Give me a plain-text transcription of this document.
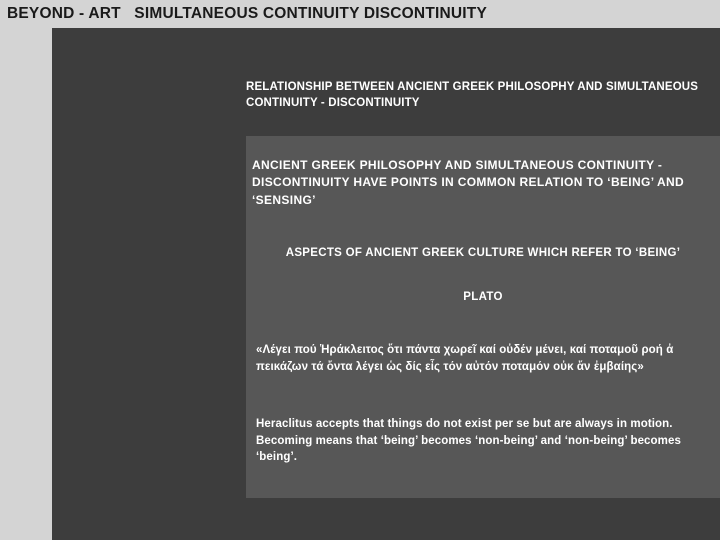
BEYOND - ART   SIMULTANEOUS CONTINUITY DISCONTINUITY
RELATIONSHIP BETWEEN ANCIENT GREEK PHILOSOPHY AND SIMULTANEOUS CONTINUITY - DISCONTINUITY
ANCIENT GREEK PHILOSOPHY AND SIMULTANEOUS CONTINUITY - DISCONTINUITY HAVE POINTS IN COMMON RELATION TO ‘BEING’ AND ‘SENSING’
ASPECTS OF ANCIENT GREEK CULTURE WHICH REFER TO ‘BEING’
PLATO
«Λέγει πού Ἡράκλειτος ὅτι πάντα χωρεῖ καί οὐδέν μένει, καί ποταμοῦ ροή ἀ πεικάζων τά ὄντα λέγει ὡς δίς εἶς τόν αὐτόν ποταμόν οὐκ ἄν ἐμβαίης»
Heraclitus accepts that things do not exist per se but are always in motion. Becoming means that ‘being’ becomes ‘non-being’ and ‘non-being’ becomes ‘being’.
